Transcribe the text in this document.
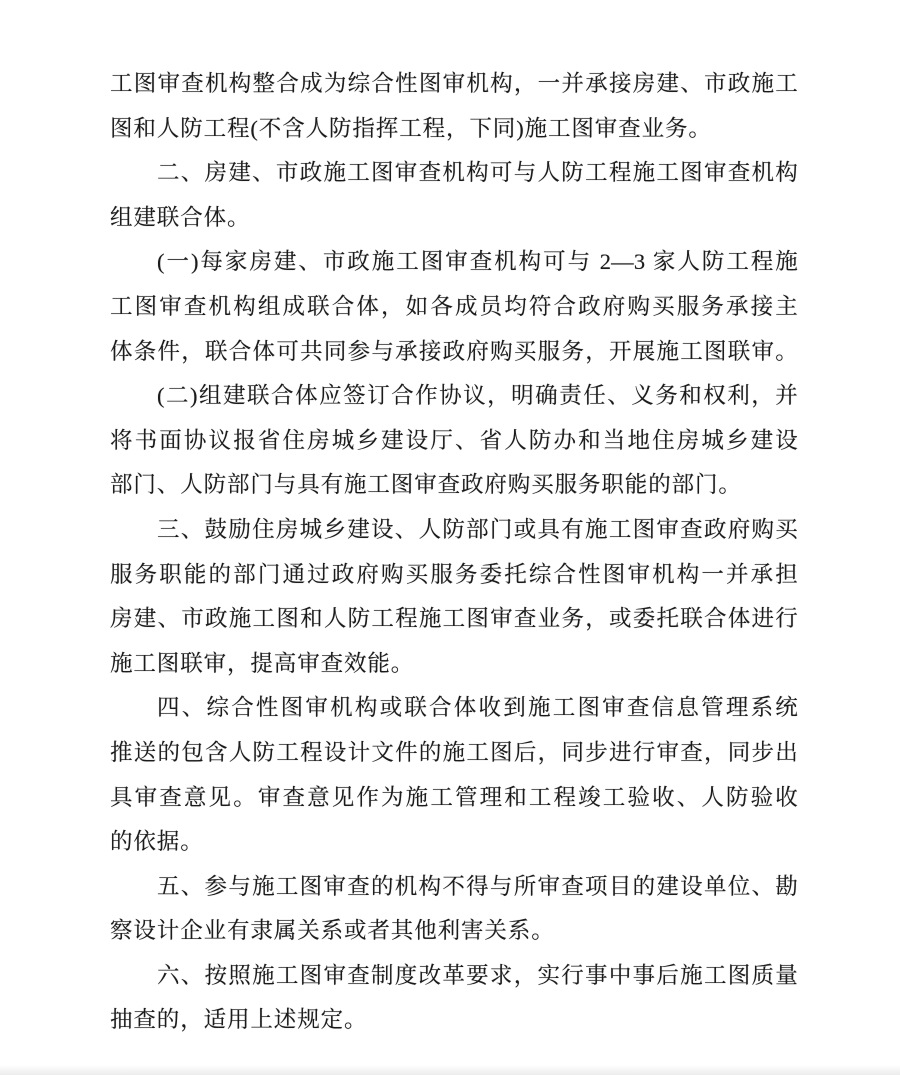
工图审查机构整合成为综合性图审机构，一并承接房建、市政施工
图和人防工程(不含人防指挥工程，下同)施工图审查业务。
二、房建、市政施工图审查机构可与人防工程施工图审查机构
组建联合体。
(一)每家房建、市政施工图审查机构可与 2—3 家人防工程施
工图审查机构组成联合体，如各成员均符合政府购买服务承接主
体条件，联合体可共同参与承接政府购买服务，开展施工图联审。
(二)组建联合体应签订合作协议，明确责任、义务和权利，并
将书面协议报省住房城乡建设厅、省人防办和当地住房城乡建设
部门、人防部门与具有施工图审查政府购买服务职能的部门。
三、鼓励住房城乡建设、人防部门或具有施工图审查政府购买
服务职能的部门通过政府购买服务委托综合性图审机构一并承担
房建、市政施工图和人防工程施工图审查业务，或委托联合体进行
施工图联审，提高审查效能。
四、综合性图审机构或联合体收到施工图审查信息管理系统
推送的包含人防工程设计文件的施工图后，同步进行审查，同步出
具审查意见。审查意见作为施工管理和工程竣工验收、人防验收
的依据。
五、参与施工图审查的机构不得与所审查项目的建设单位、勘
察设计企业有隶属关系或者其他利害关系。
六、按照施工图审查制度改革要求，实行事中事后施工图质量
抽查的，适用上述规定。
